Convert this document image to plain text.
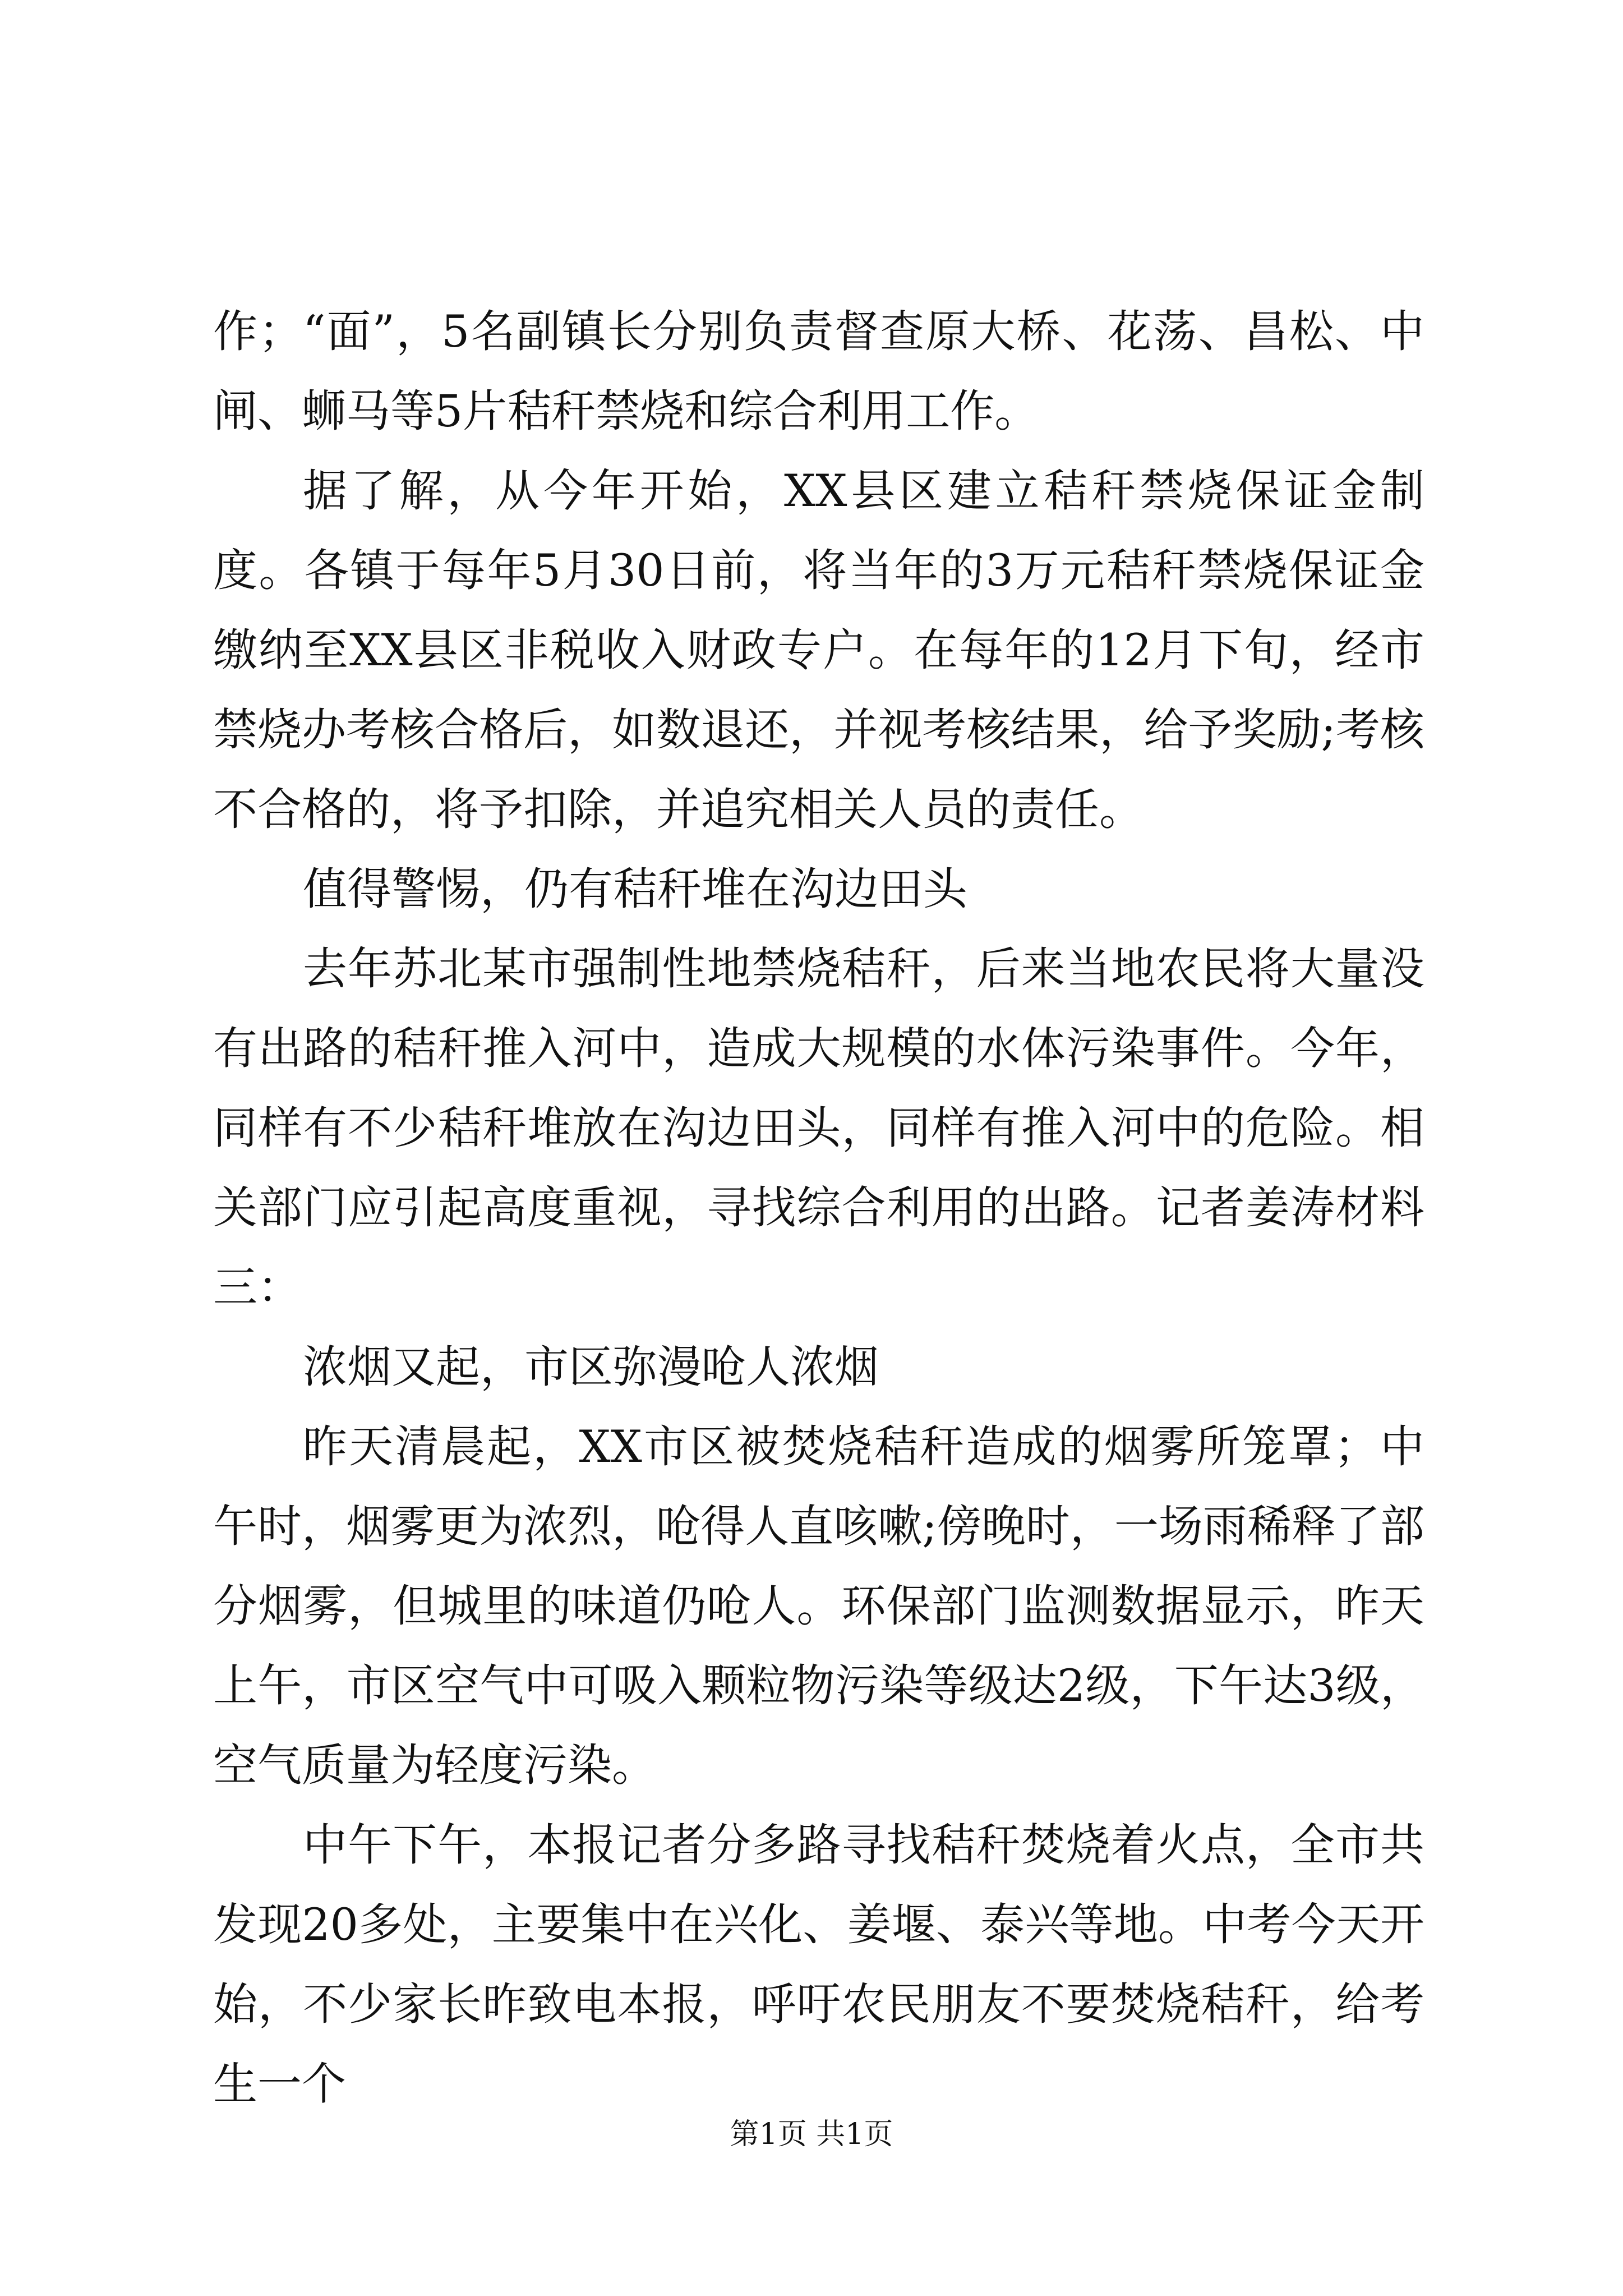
作；“面”，5名副镇长分别负责督查原大桥、花荡、昌松、中闸、蛳马等5片秸秆禁烧和综合利用工作。

据了解，从今年开始，XX县区建立秸秆禁烧保证金制度。各镇于每年5月30日前，将当年的3万元秸秆禁烧保证金缴纳至XX县区非税收入财政专户。在每年的12月下旬，经市禁烧办考核合格后，如数退还，并视考核结果，给予奖励;考核不合格的，将予扣除，并追究相关人员的责任。

值得警惕，仍有秸秆堆在沟边田头

去年苏北某市强制性地禁烧秸秆，后来当地农民将大量没有出路的秸秆推入河中，造成大规模的水体污染事件。今年，同样有不少秸秆堆放在沟边田头，同样有推入河中的危险。相关部门应引起高度重视，寻找综合利用的出路。记者姜涛材料三：

浓烟又起，市区弥漫呛人浓烟

昨天清晨起，XX市区被焚烧秸秆造成的烟雾所笼罩；中午时，烟雾更为浓烈，呛得人直咳嗽;傍晚时，一场雨稀释了部分烟雾，但城里的味道仍呛人。环保部门监测数据显示，昨天上午，市区空气中可吸入颗粒物污染等级达2级，下午达3级，空气质量为轻度污染。

中午下午，本报记者分多路寻找秸秆焚烧着火点，全市共发现20多处，主要集中在兴化、姜堰、泰兴等地。中考今天开始，不少家长昨致电本报，呼吁农民朋友不要焚烧秸秆，给考生一个

第1页 共1页
